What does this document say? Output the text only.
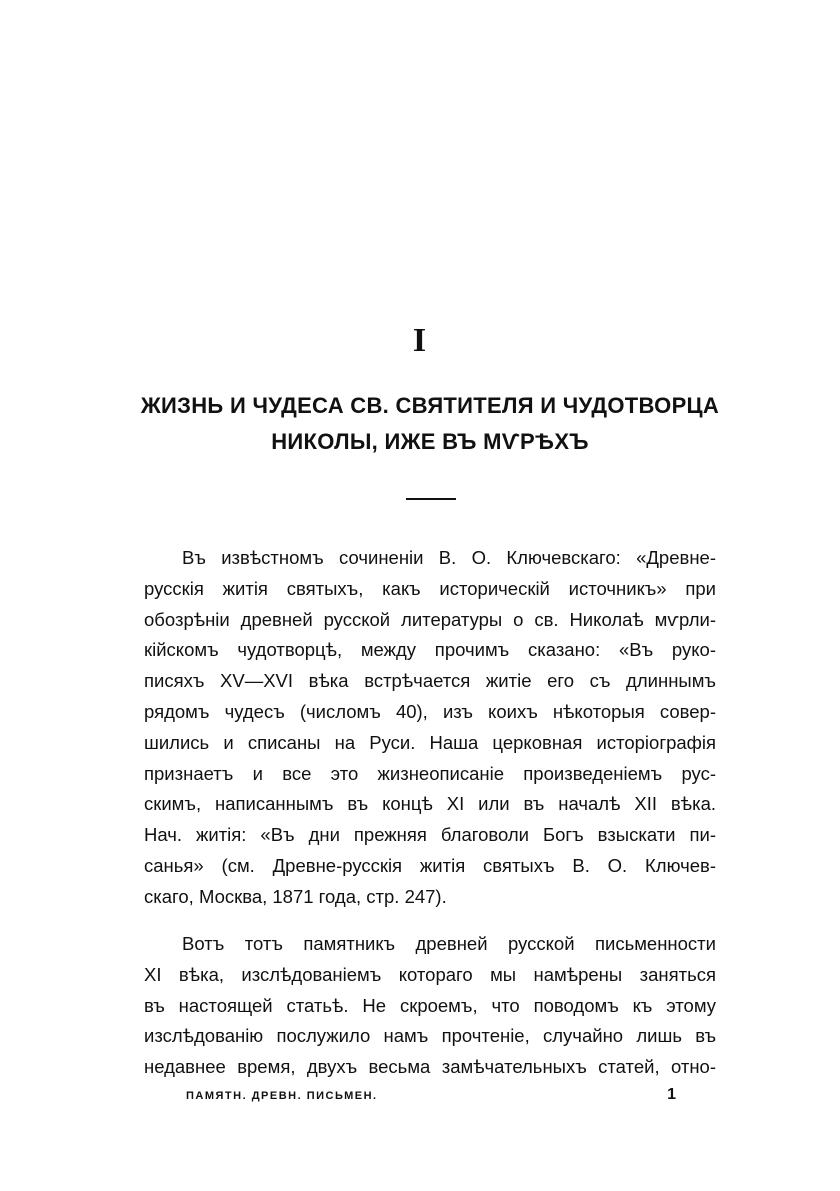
I
ЖИЗНЬ И ЧУДЕСА СВ. СВЯТИТЕЛЯ И ЧУДОТВОРЦА
НИКОЛЫ, ИЖЕ ВЪ МѴРѢХЪ
Въ извѣстномъ сочиненіи В. О. Ключевскаго: «Древне-
русскія житія святыхъ, какъ историческій источникъ» при
обозрѣніи древней русской литературы о св. Николаѣ мѵрли-
кійскомъ чудотворцѣ, между прочимъ сказано: «Въ руко-
писяхъ XV—XVI вѣка встрѣчается житіе его съ длиннымъ
рядомъ чудесъ (числомъ 40), изъ коихъ нѣкоторыя совер-
шились и списаны на Руси. Наша церковная исторіографія
признаетъ и все это жизнеописаніе произведеніемъ рус-
скимъ, написаннымъ въ концѣ XI или въ началѣ XII вѣка.
Нач. житія: «Въ дни прежняя благоволи Богъ взыскати пи-
санья» (см. Древне-русскія житія святыхъ В. О. Ключев-
скаго, Москва, 1871 года, стр. 247).
Вотъ тотъ памятникъ древней русской письменности
XI вѣка, изслѣдованіемъ котораго мы намѣрены заняться
въ настоящей статьѣ. Не скроемъ, что поводомъ къ этому
изслѣдованію послужило намъ прочтеніе, случайно лишь въ
недавнее время, двухъ весьма замѣчательныхъ статей, отно-
ПАМЯТН. ДРЕВН. ПИСЬМЕН.	1
